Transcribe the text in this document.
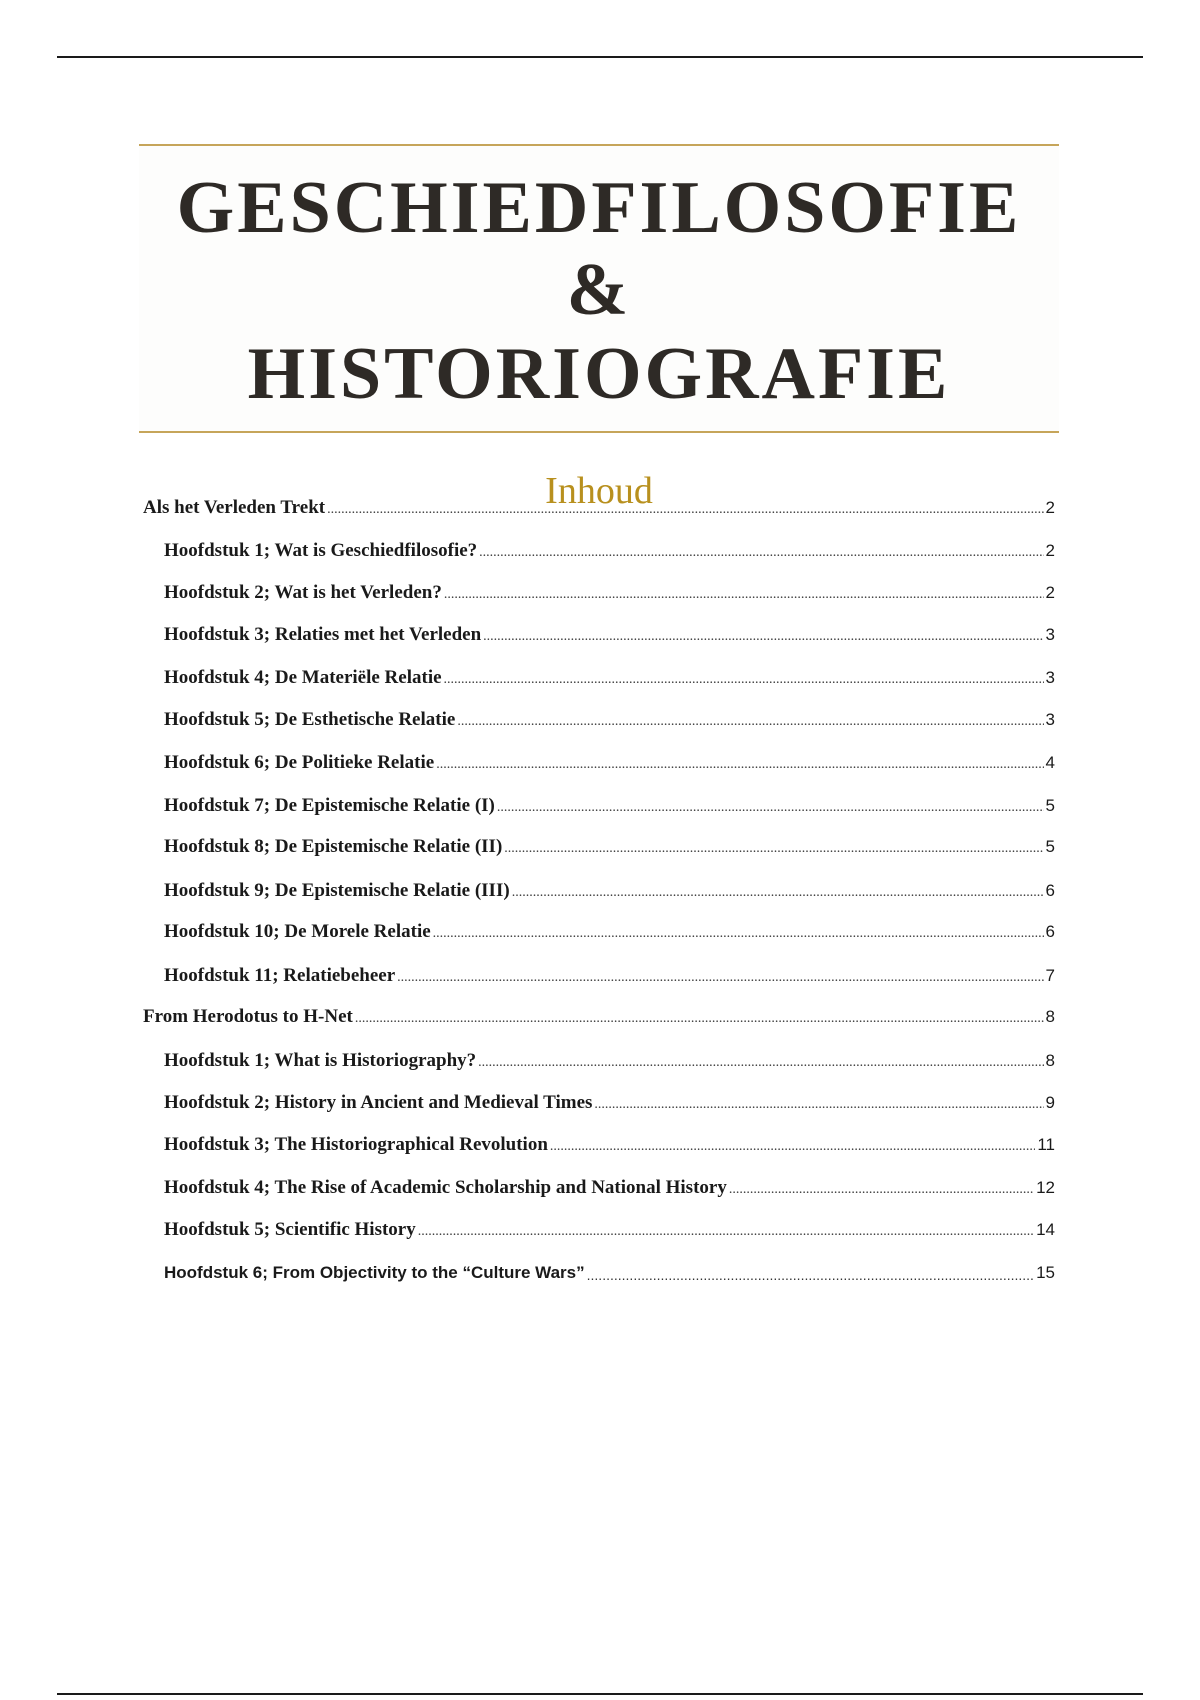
GESCHIEDFILOSOFIE
&
HISTORIOGRAFIE
Inhoud
Als het Verleden Trekt .....	2
Hoofdstuk 1; Wat is Geschiedfilosofie? .....	2
Hoofdstuk 2; Wat is het Verleden? .....	2
Hoofdstuk 3; Relaties met het Verleden .....	3
Hoofdstuk 4; De Materiële Relatie .....	3
Hoofdstuk 5; De Esthetische Relatie .....	3
Hoofdstuk 6; De Politieke Relatie .....	4
Hoofdstuk 7; De Epistemische Relatie (I) .....	5
Hoofdstuk 8; De Epistemische Relatie (II) .....	5
Hoofdstuk 9; De Epistemische Relatie (III) .....	6
Hoofdstuk 10; De Morele Relatie .....	6
Hoofdstuk 11; Relatiebeheer .....	7
From Herodotus to H-Net .....	8
Hoofdstuk 1; What is Historiography? .....	8
Hoofdstuk 2; History in Ancient and Medieval Times .....	9
Hoofdstuk 3; The Historiographical Revolution .....	11
Hoofdstuk 4; The Rise of Academic Scholarship and National History .....	12
Hoofdstuk 5; Scientific History .....	14
Hoofdstuk 6; From Objectivity to the “Culture Wars” .....	15
